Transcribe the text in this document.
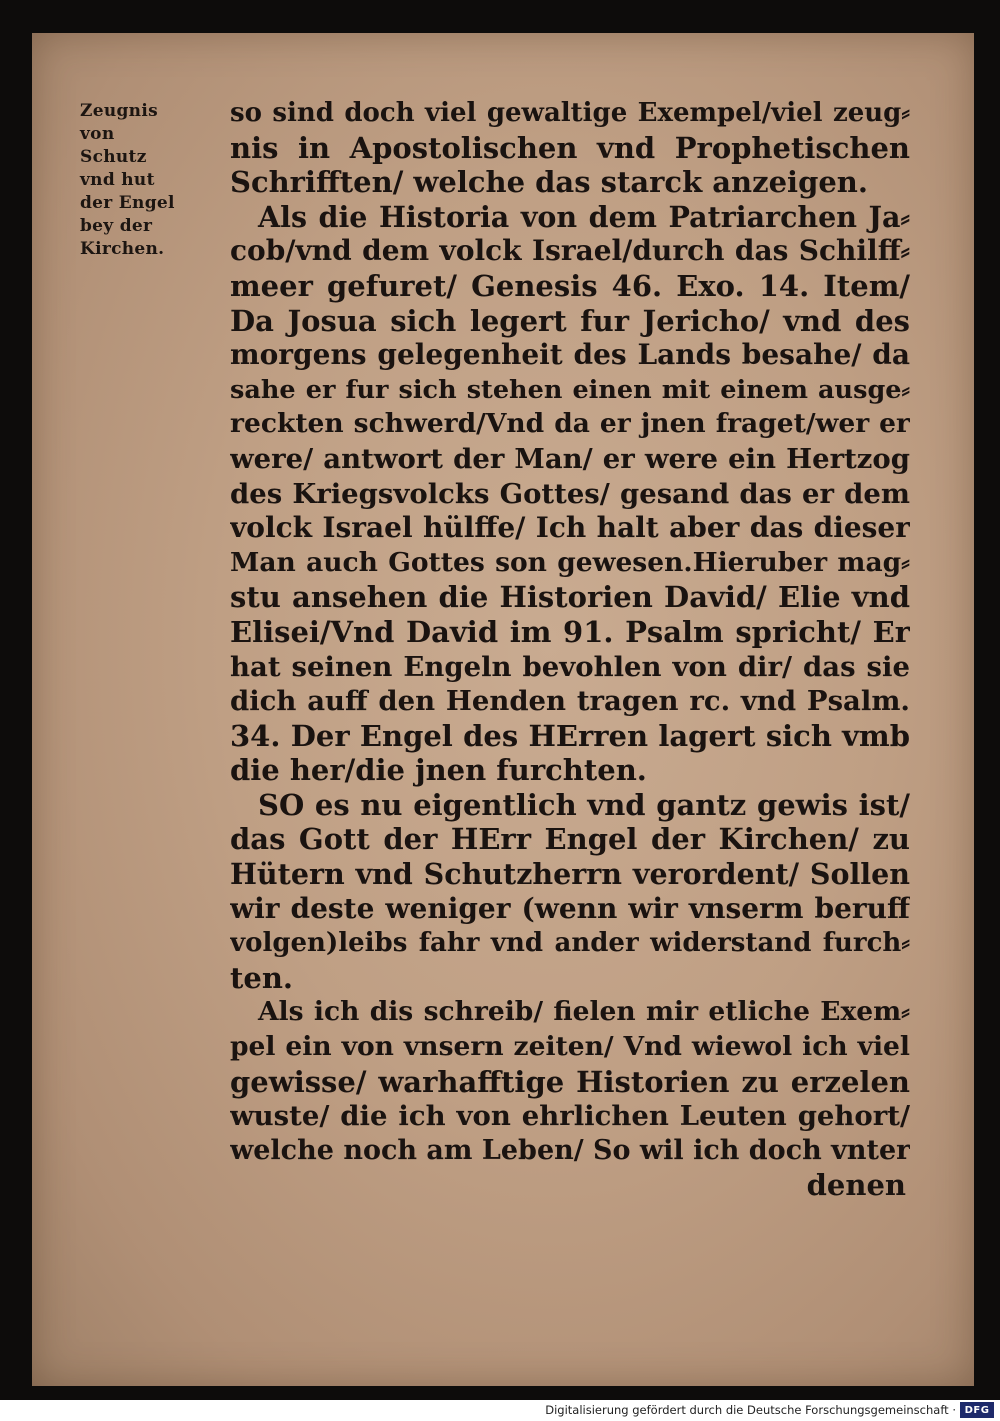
Zeugnis
von
Schutz
vnd hut
der Engel
bey der
Kirchen.
so sind doch viel gewaltige Exempel/viel zeug⸗
nis in Apostolischen vnd Prophetischen
Schrifften/ welche das starck anzeigen.
Als die Historia von dem Patriarchen Ja⸗
cob/vnd dem volck Israel/durch das Schilff⸗
meer gefuret/ Genesis 46. Exo. 14. Item/
Da Josua sich legert fur Jericho/ vnd des
morgens gelegenheit des Lands besahe/ da
sahe er fur sich stehen einen mit einem ausge⸗
reckten schwerd/Vnd da er jnen fraget/wer er
were/ antwort der Man/ er were ein Hertzog
des Kriegsvolcks Gottes/ gesand das er dem
volck Israel hülffe/ Ich halt aber das dieser
Man auch Gottes son gewesen.Hieruber mag⸗
stu ansehen die Historien David/ Elie vnd
Elisei/Vnd David im 91. Psalm spricht/ Er
hat seinen Engeln bevohlen von dir/ das sie
dich auff den Henden tragen rc. vnd Psalm.
34. Der Engel des HErren lagert sich vmb
die her/die jnen furchten.
SO es nu eigentlich vnd gantz gewis ist/
das Gott der HErr Engel der Kirchen/ zu
Hütern vnd Schutzherrn verordent/ Sollen
wir deste weniger (wenn wir vnserm beruff
volgen)leibs fahr vnd ander widerstand furch⸗
ten.
Als ich dis schreib/ fielen mir etliche Exem⸗
pel ein von vnsern zeiten/ Vnd wiewol ich viel
gewisse/ warhafftige Historien zu erzelen
wuste/ die ich von ehrlichen Leuten gehort/
welche noch am Leben/ So wil ich doch vnter
denen
Digitalisierung gefördert durch die Deutsche Forschungsgemeinschaft · DFG
